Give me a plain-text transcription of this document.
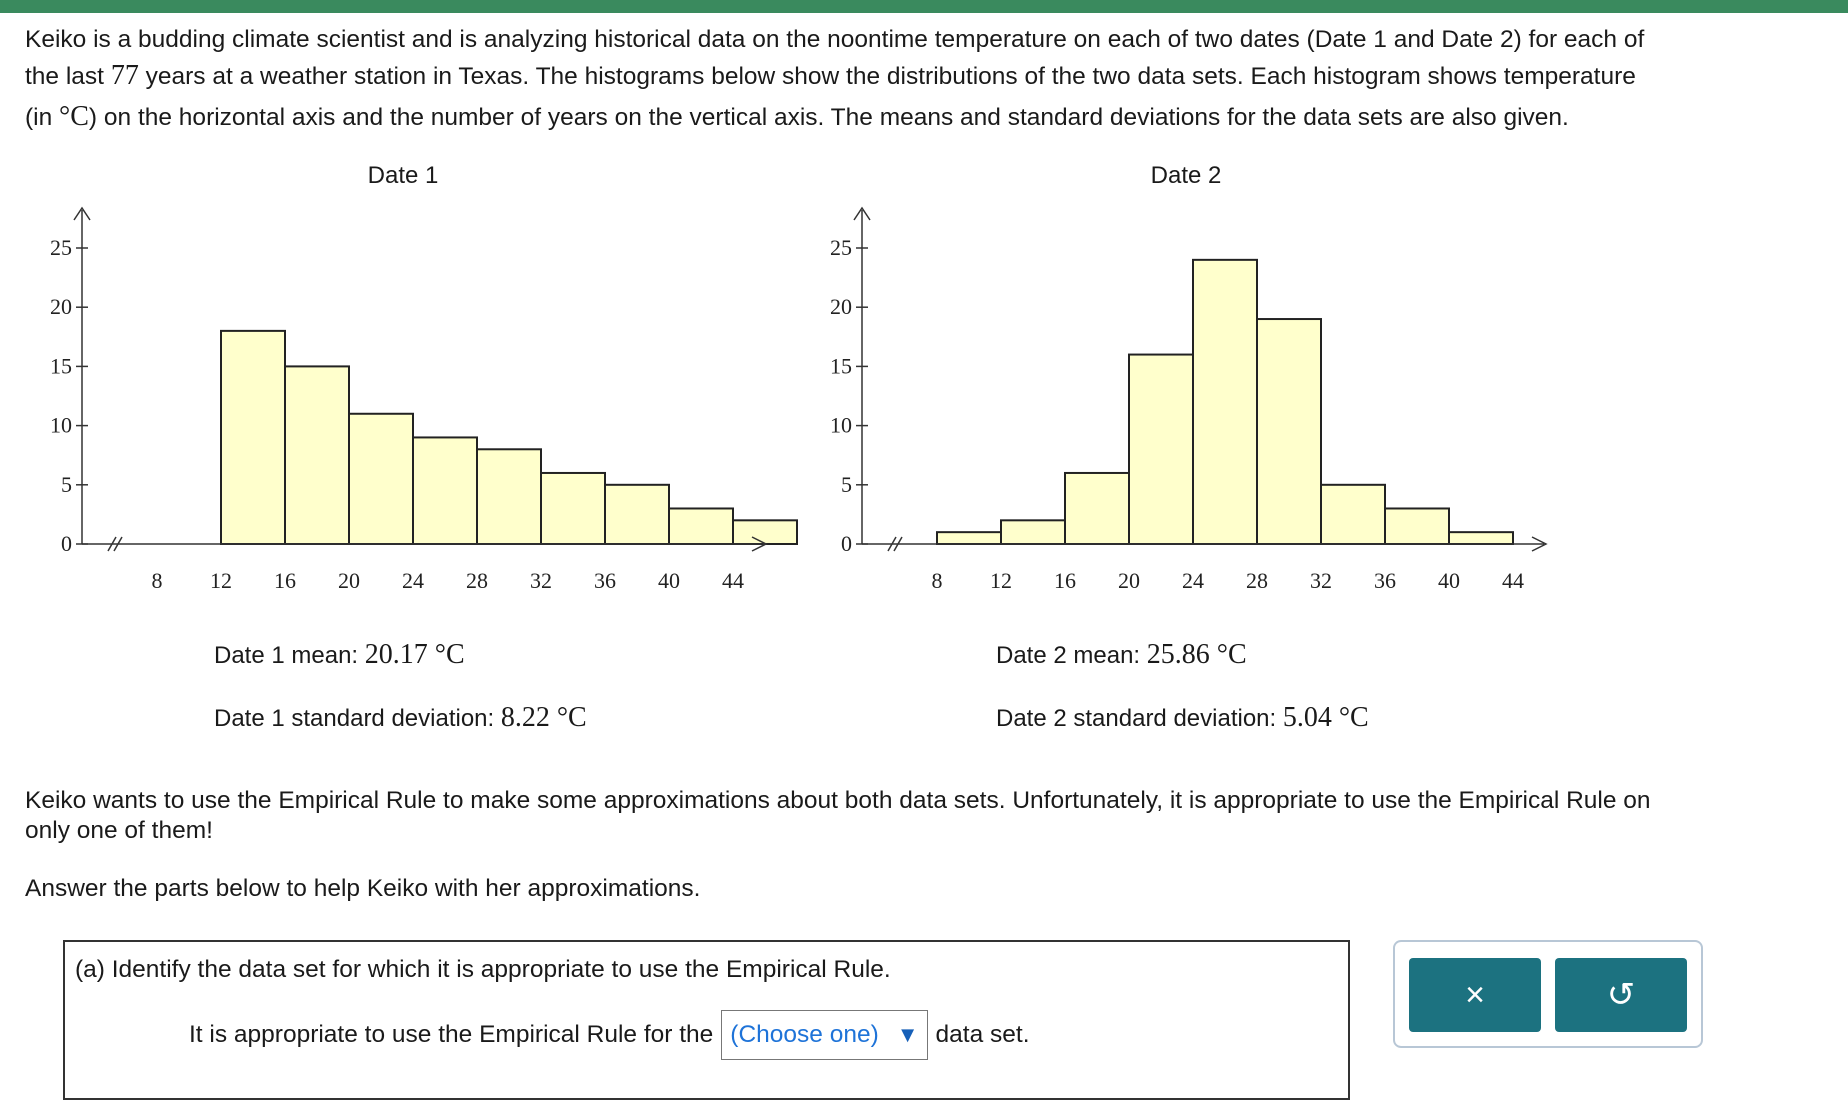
Keiko is a budding climate scientist and is analyzing historical data on the noontime temperature on each of two dates (Date 1 and Date 2) for each of
the last 77 years at a weather station in Texas. The histograms below show the distributions of the two data sets. Each histogram shows temperature
(in °C) on the horizontal axis and the number of years on the vertical axis. The means and standard deviations for the data sets are also given.
Date 1	Date 2
0
5
10
15
20
25
8 12 16 20 24 28 32 36 40 44
0
5
10
15
20
25
8 12 16 20 24 28 32 36 40 44
Date 1 mean: 20.17 °C
Date 1 standard deviation: 8.22 °C
Date 2 mean: 25.86 °C
Date 2 standard deviation: 5.04 °C
Keiko wants to use the Empirical Rule to make some approximations about both data sets. Unfortunately, it is appropriate to use the Empirical Rule on
only one of them!
Answer the parts below to help Keiko with her approximations.
(a) Identify the data set for which it is appropriate to use the Empirical Rule.
It is appropriate to use the Empirical Rule for the (Choose one) ▼ data set.
×	↺
